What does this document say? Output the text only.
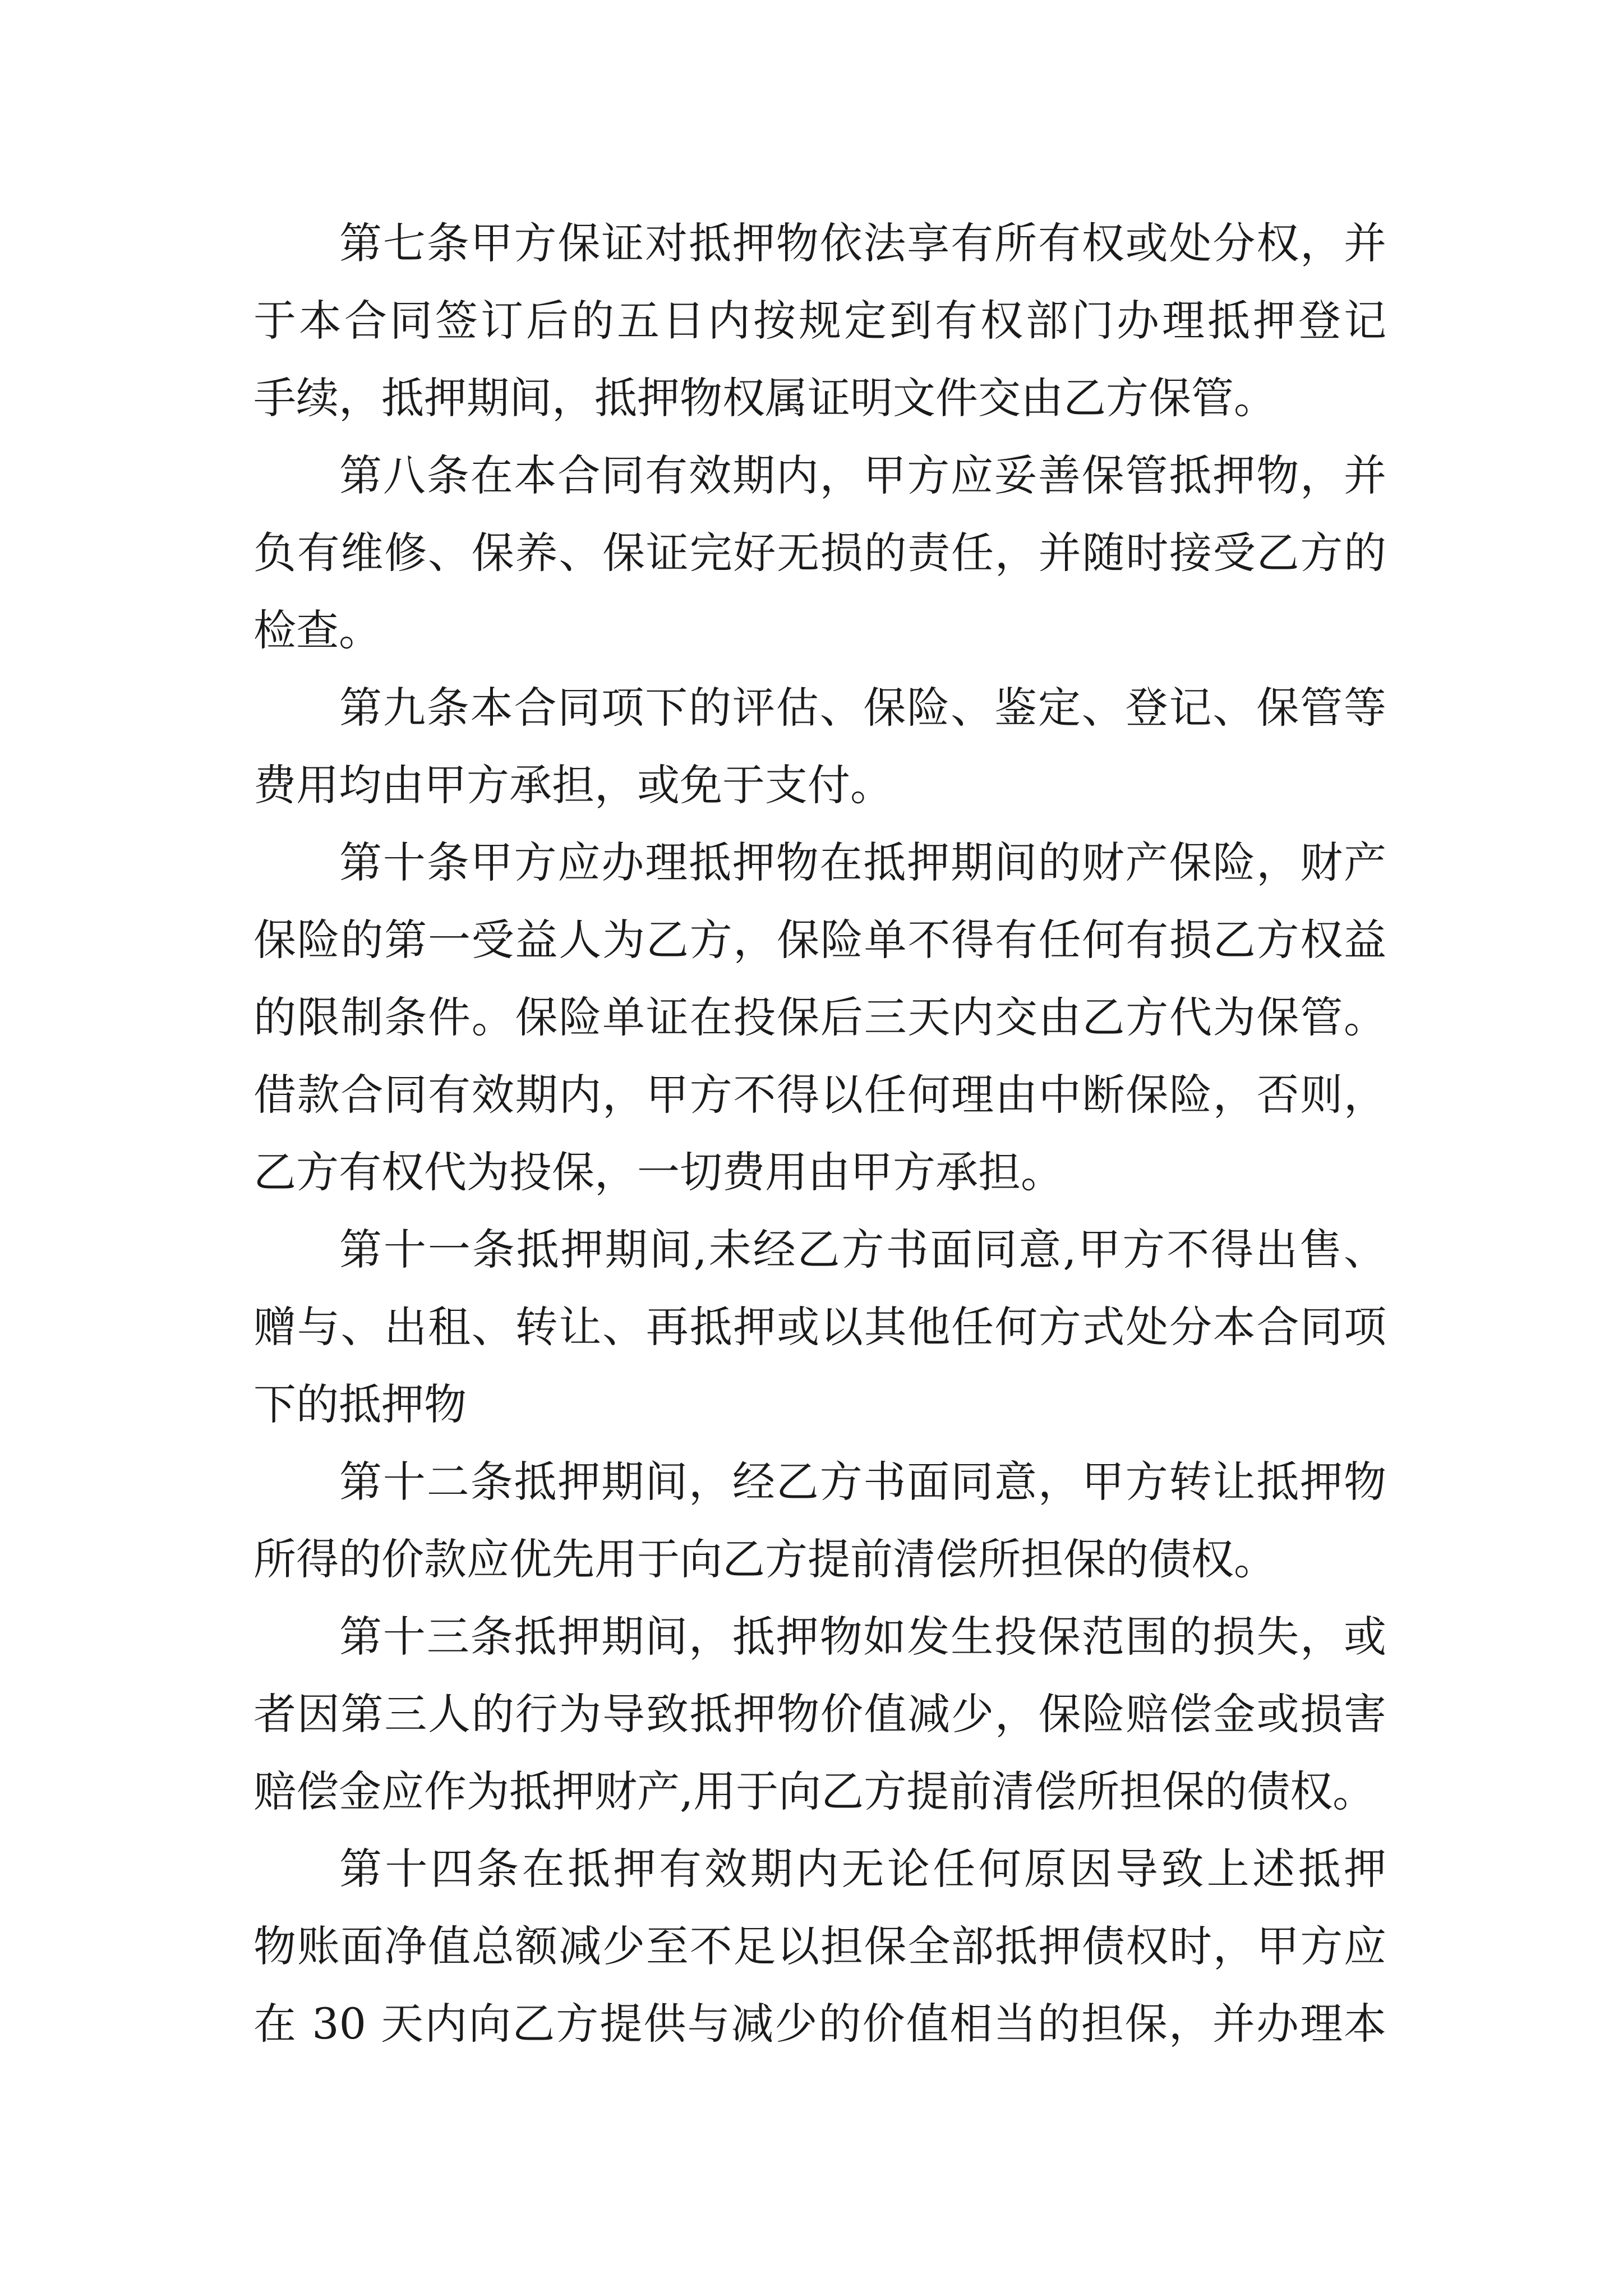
第七条甲方保证对抵押物依法享有所有权或处分权，并
于本合同签订后的五日内按规定到有权部门办理抵押登记
手续，抵押期间，抵押物权属证明文件交由乙方保管。
第八条在本合同有效期内，甲方应妥善保管抵押物，并
负有维修、保养、保证完好无损的责任，并随时接受乙方的
检查。
第九条本合同项下的评估、保险、鉴定、登记、保管等
费用均由甲方承担，或免于支付。
第十条甲方应办理抵押物在抵押期间的财产保险，财产
保险的第一受益人为乙方，保险单不得有任何有损乙方权益
的限制条件。保险单证在投保后三天内交由乙方代为保管。
借款合同有效期内，甲方不得以任何理由中断保险，否则，
乙方有权代为投保，一切费用由甲方承担。
第十一条抵押期间,未经乙方书面同意,甲方不得出售、
赠与、出租、转让、再抵押或以其他任何方式处分本合同项
下的抵押物
第十二条抵押期间，经乙方书面同意，甲方转让抵押物
所得的价款应优先用于向乙方提前清偿所担保的债权。
第十三条抵押期间，抵押物如发生投保范围的损失，或
者因第三人的行为导致抵押物价值减少，保险赔偿金或损害
赔偿金应作为抵押财产,用于向乙方提前清偿所担保的债权。
第十四条在抵押有效期内无论任何原因导致上述抵押
物账面净值总额减少至不足以担保全部抵押债权时，甲方应
在 30 天内向乙方提供与减少的价值相当的担保，并办理本
